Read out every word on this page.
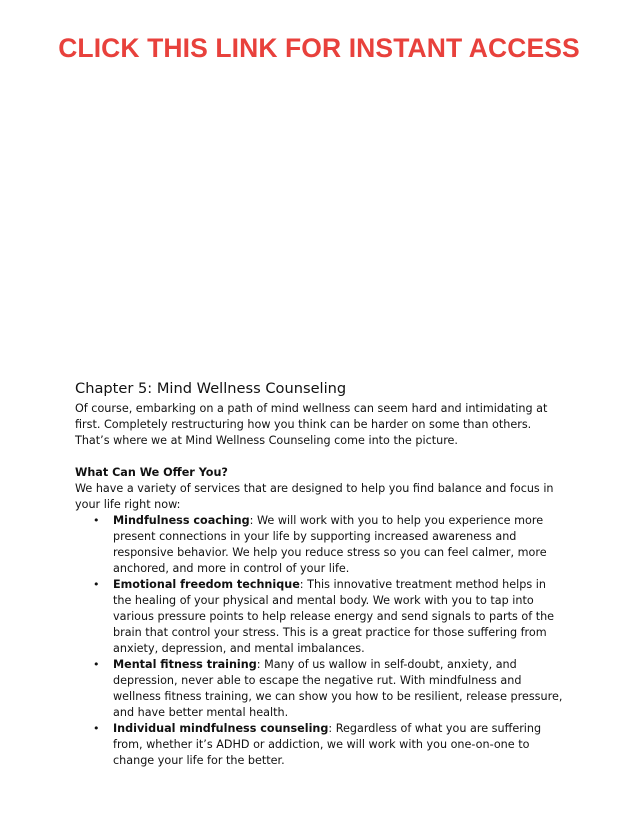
CLICK THIS LINK FOR INSTANT ACCESS
Chapter 5: Mind Wellness Counseling

Of course, embarking on a path of mind wellness can seem hard and intimidating at first. Completely restructuring how you think can be harder on some than others. That’s where we at Mind Wellness Counseling come into the picture.

What Can We Offer You?

We have a variety of services that are designed to help you find balance and focus in your life right now:

• Mindfulness coaching: We will work with you to help you experience more present connections in your life by supporting increased awareness and responsive behavior. We help you reduce stress so you can feel calmer, more anchored, and more in control of your life.
• Emotional freedom technique: This innovative treatment method helps in the healing of your physical and mental body. We work with you to tap into various pressure points to help release energy and send signals to parts of the brain that control your stress. This is a great practice for those suffering from anxiety, depression, and mental imbalances.
• Mental fitness training: Many of us wallow in self-doubt, anxiety, and depression, never able to escape the negative rut. With mindfulness and wellness fitness training, we can show you how to be resilient, release pressure, and have better mental health.
• Individual mindfulness counseling: Regardless of what you are suffering from, whether it’s ADHD or addiction, we will work with you one-on-one to change your life for the better.
